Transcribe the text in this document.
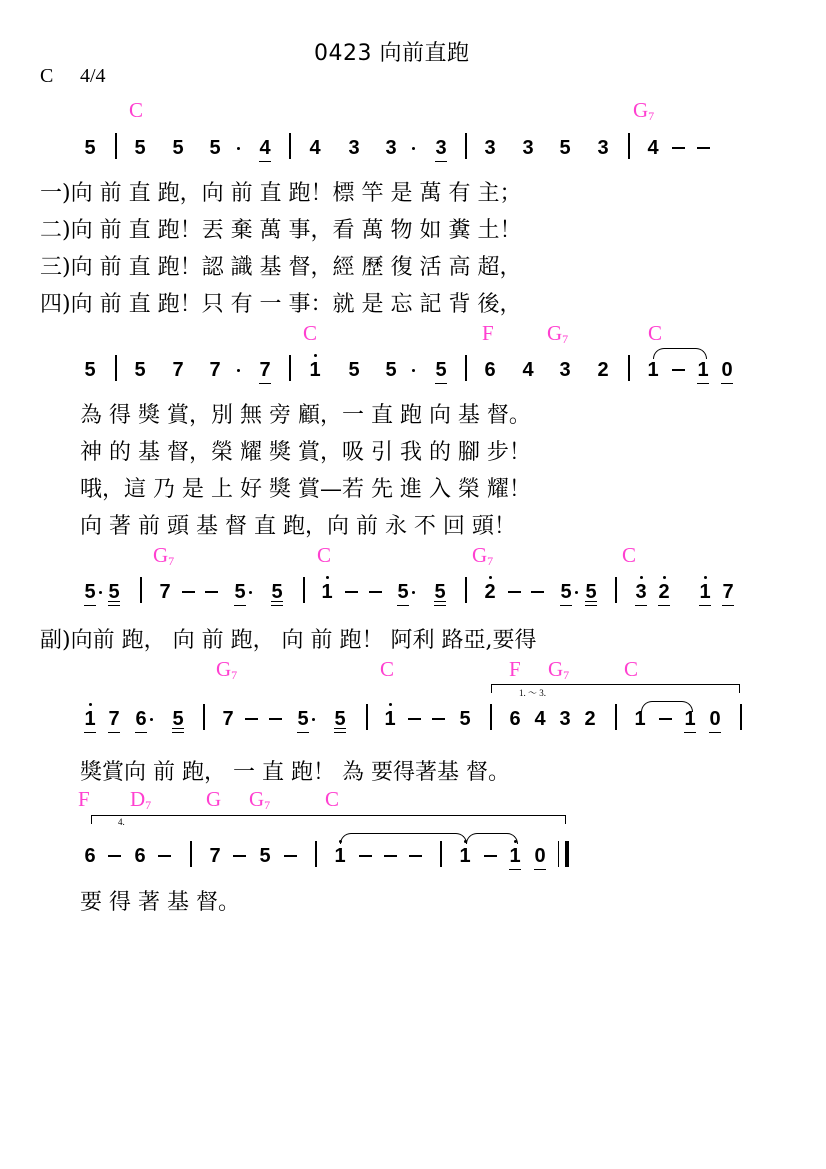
0423 向前直跑
C 4/4
C	$G_7$
5 5 5 5 4 4 3 3 3 3 3 5 3 4
一)向 前 直 跑，向 前 直 跑！標 竿 是 萬 有 主；
二)向 前 直 跑！丟 棄 萬 事，看 萬 物 如 糞 土！
三)向 前 直 跑！認 識 基 督，經 歷 復 活 高 超，
四)向 前 直 跑！只 有 一 事：就 是 忘 記 背 後，
C	F	$G_7$	C
5 5 7 7 7 1 5 5 5 6 4 3 2 1 1 0
為 得 獎 賞，別 無 旁 顧，一 直 跑 向 基 督。
神 的 基 督，榮 耀 獎 賞，吸 引 我 的 腳 步！
哦，這 乃 是 上 好 獎 賞—若 先 進 入 榮 耀！
向 著 前 頭 基 督 直 跑，向 前 永 不 回 頭！
$G_7$	C	$G_7$	C
5 5 7	5 5 1	5 5 2	5 5 3 2 1 7
副)向前 跑， 向 前 跑， 向 前 跑！ 阿利 路亞,要得
$G_7$	C	F $G_7$	C
1. ～ 3.
1 7 6 5 7	5 5 1	5 6 4 3 2 1 1 0
獎賞向 前 跑， 一 直 跑！ 為 要得著基 督。
F $D_7$	G $G_7$	C
4.
6 6	7 5	1	1 1 0
要 得 著 基 督。
